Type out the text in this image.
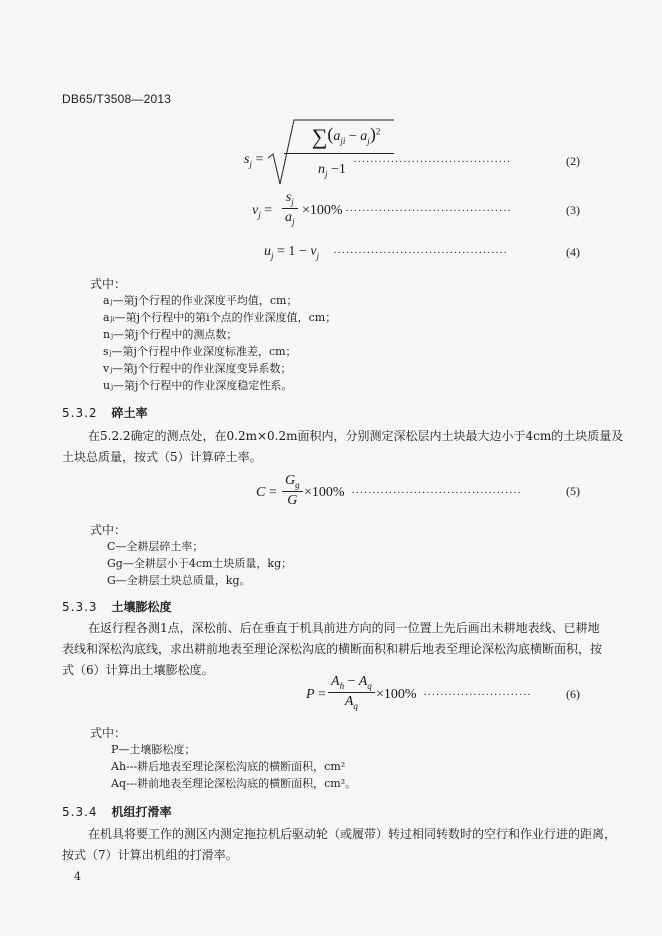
DB65/T3508—2013
$s_j$ =
$\sum(a_{ji} - a_j)^2$
$n_j -1$
......................................	(2)
$v_j = \frac{s_j}{a_j} \times 100\%$ ........................................	(3)
$u_j = 1 - v_j$ ..........................................	(4)
式中：
aⱼ—第j个行程的作业深度平均值，cm；
aⱼᵢ—第j个行程中的第i个点的作业深度值，cm；
nⱼ—第j个行程中的测点数；
sⱼ—第j个行程中作业深度标准差，cm；
vⱼ—第j个行程中的作业深度变异系数；
uⱼ—第j个行程中的作业深度稳定性系。
5.3.2 碎土率
在5.2.2确定的测点处，在0.2m×0.2m面积内，分别测定深松层内土块最大边小于4cm的土块质量及
土块总质量，按式（5）计算碎土率。
$C = \frac{G_g}{G} \times 100\%$ .........................................	(5)
式中：
C—全耕层碎土率；
Gg—全耕层小于4cm土块质量，kg；
G—全耕层土块总质量，kg。
5.3.3 土壤膨松度
在返行程各测1点，深松前、后在垂直于机具前进方向的同一位置上先后画出未耕地表线、已耕地
表线和深松沟底线，求出耕前地表至理论深松沟底的横断面积和耕后地表至理论深松沟底横断面积，按
式（6）计算出土壤膨松度。
$P = \frac{A_h - A_q}{A_q} \times 100\%$ ..........................	(6)
式中：
P—土壤膨松度；
Ah---耕后地表至理论深松沟底的横断面积，cm²
Aq---耕前地表至理论深松沟底的横断面积，cm²。
5.3.4 机组打滑率
在机具将要工作的测区内测定拖拉机后驱动轮（或履带）转过相同转数时的空行和作业行进的距离，
按式（7）计算出机组的打滑率。
4
